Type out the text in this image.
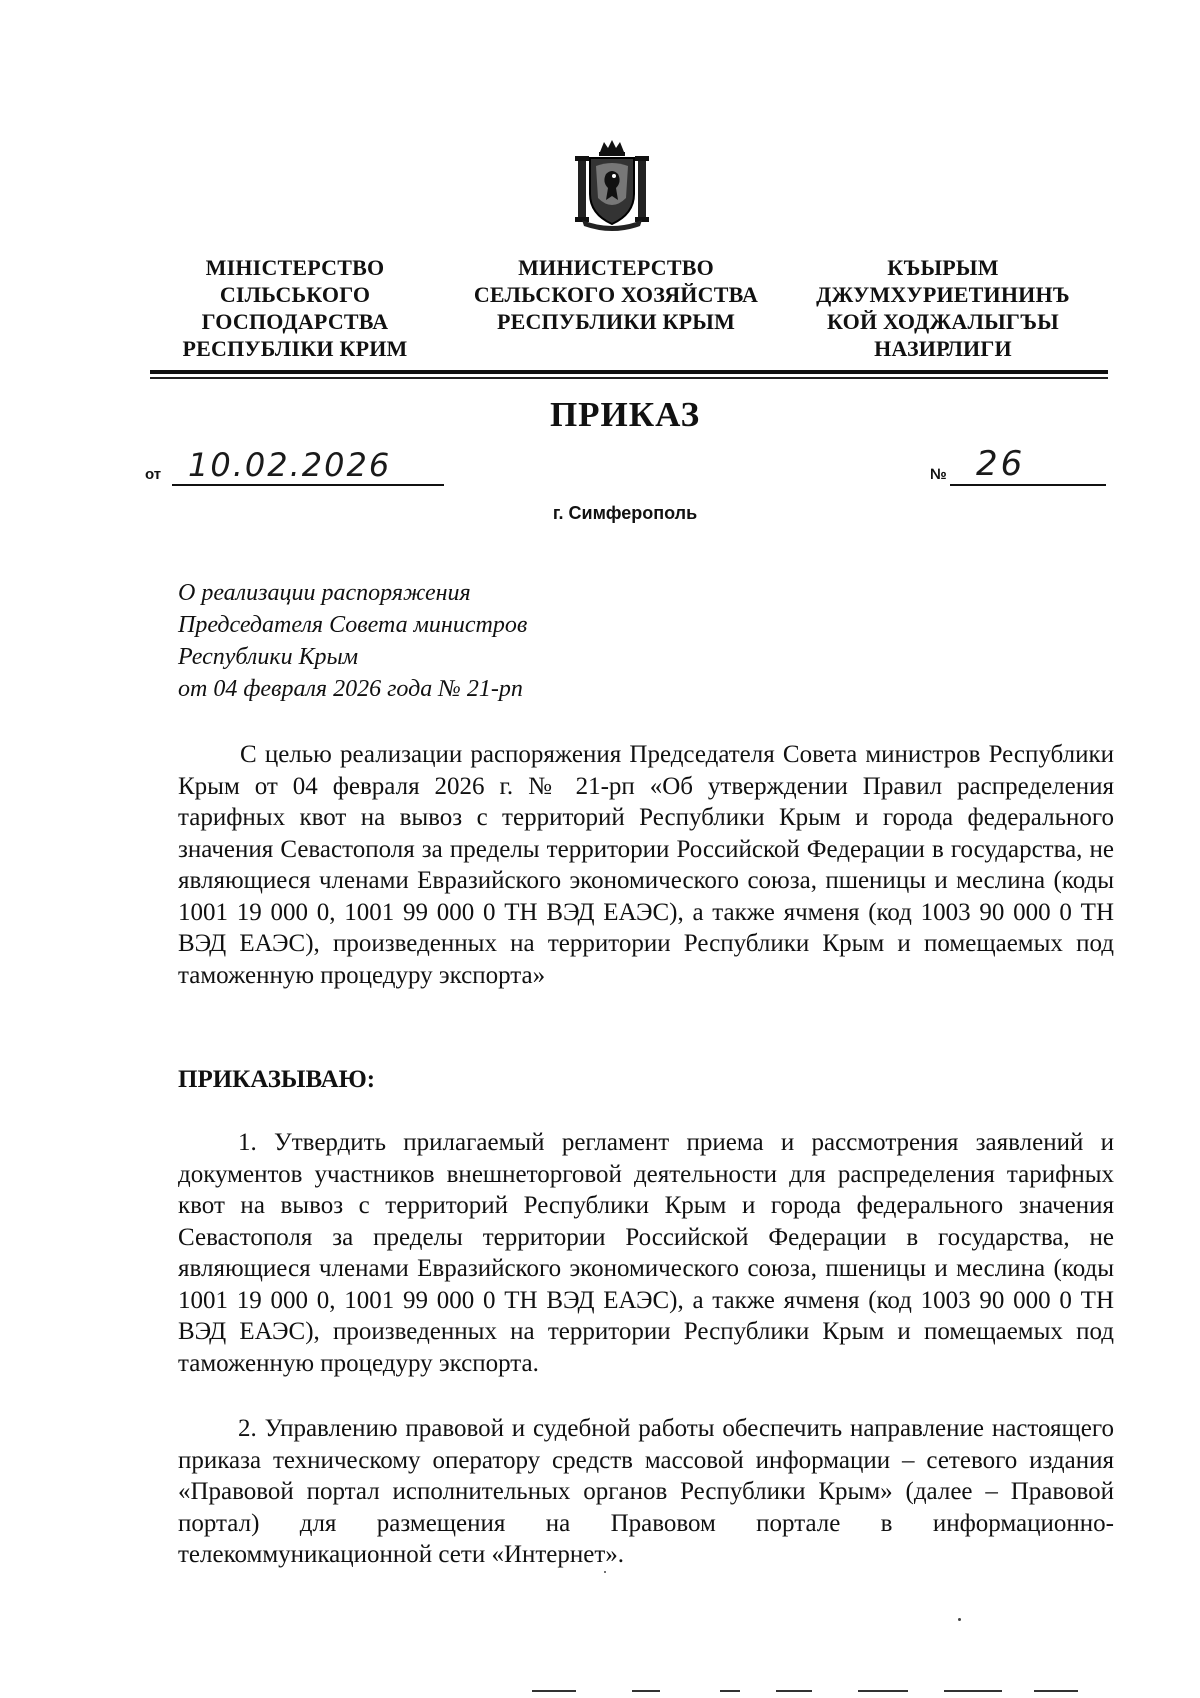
МІНІСТЕРСТВО
СІЛЬСЬКОГО
ГОСПОДАРСТВА
РЕСПУБЛІКИ КРИМ
МИНИСТЕРСТВО
СЕЛЬСКОГО ХОЗЯЙСТВА
РЕСПУБЛИКИ КРЫМ
КЪЫРЫМ
ДЖУМХУРИЕТИНИНЪ
КОЙ ХОДЖАЛЫГЪЫ
НАЗИРЛИГИ
ПРИКАЗ
от 10.02.2026	№ 26
г. Симферополь
О реализации распоряжения
Председателя Совета министров
Республики Крым
от 04 февраля 2026 года № 21-рп

С целью реализации распоряжения Председателя Совета министров Республики Крым от 04 февраля 2026 г. № 21-рп «Об утверждении Правил распределения тарифных квот на вывоз с территорий Республики Крым и города федерального значения Севастополя за пределы территории Российской Федерации в государства, не являющиеся членами Евразийского экономического союза, пшеницы и меслина (коды 1001 19 000 0, 1001 99 000 0 ТН ВЭД ЕАЭС), а также ячменя (код 1003 90 000 0 ТН ВЭД ЕАЭС), произведенных на территории Республики Крым и помещаемых под таможенную процедуру экспорта»

ПРИКАЗЫВАЮ:

1. Утвердить прилагаемый регламент приема и рассмотрения заявлений и документов участников внешнеторговой деятельности для распределения тарифных квот на вывоз с территорий Республики Крым и города федерального значения Севастополя за пределы территории Российской Федерации в государства, не являющиеся членами Евразийского экономического союза, пшеницы и меслина (коды 1001 19 000 0, 1001 99 000 0 ТН ВЭД ЕАЭС), а также ячменя (код 1003 90 000 0 ТН ВЭД ЕАЭС), произведенных на территории Республики Крым и помещаемых под таможенную процедуру экспорта.

2. Управлению правовой и судебной работы обеспечить направление настоящего приказа техническому оператору средств массовой информации – сетевого издания «Правовой портал исполнительных органов Республики Крым» (далее – Правовой портал) для размещения на Правовом портале в информационно-телекоммуникационной сети «Интернет».
